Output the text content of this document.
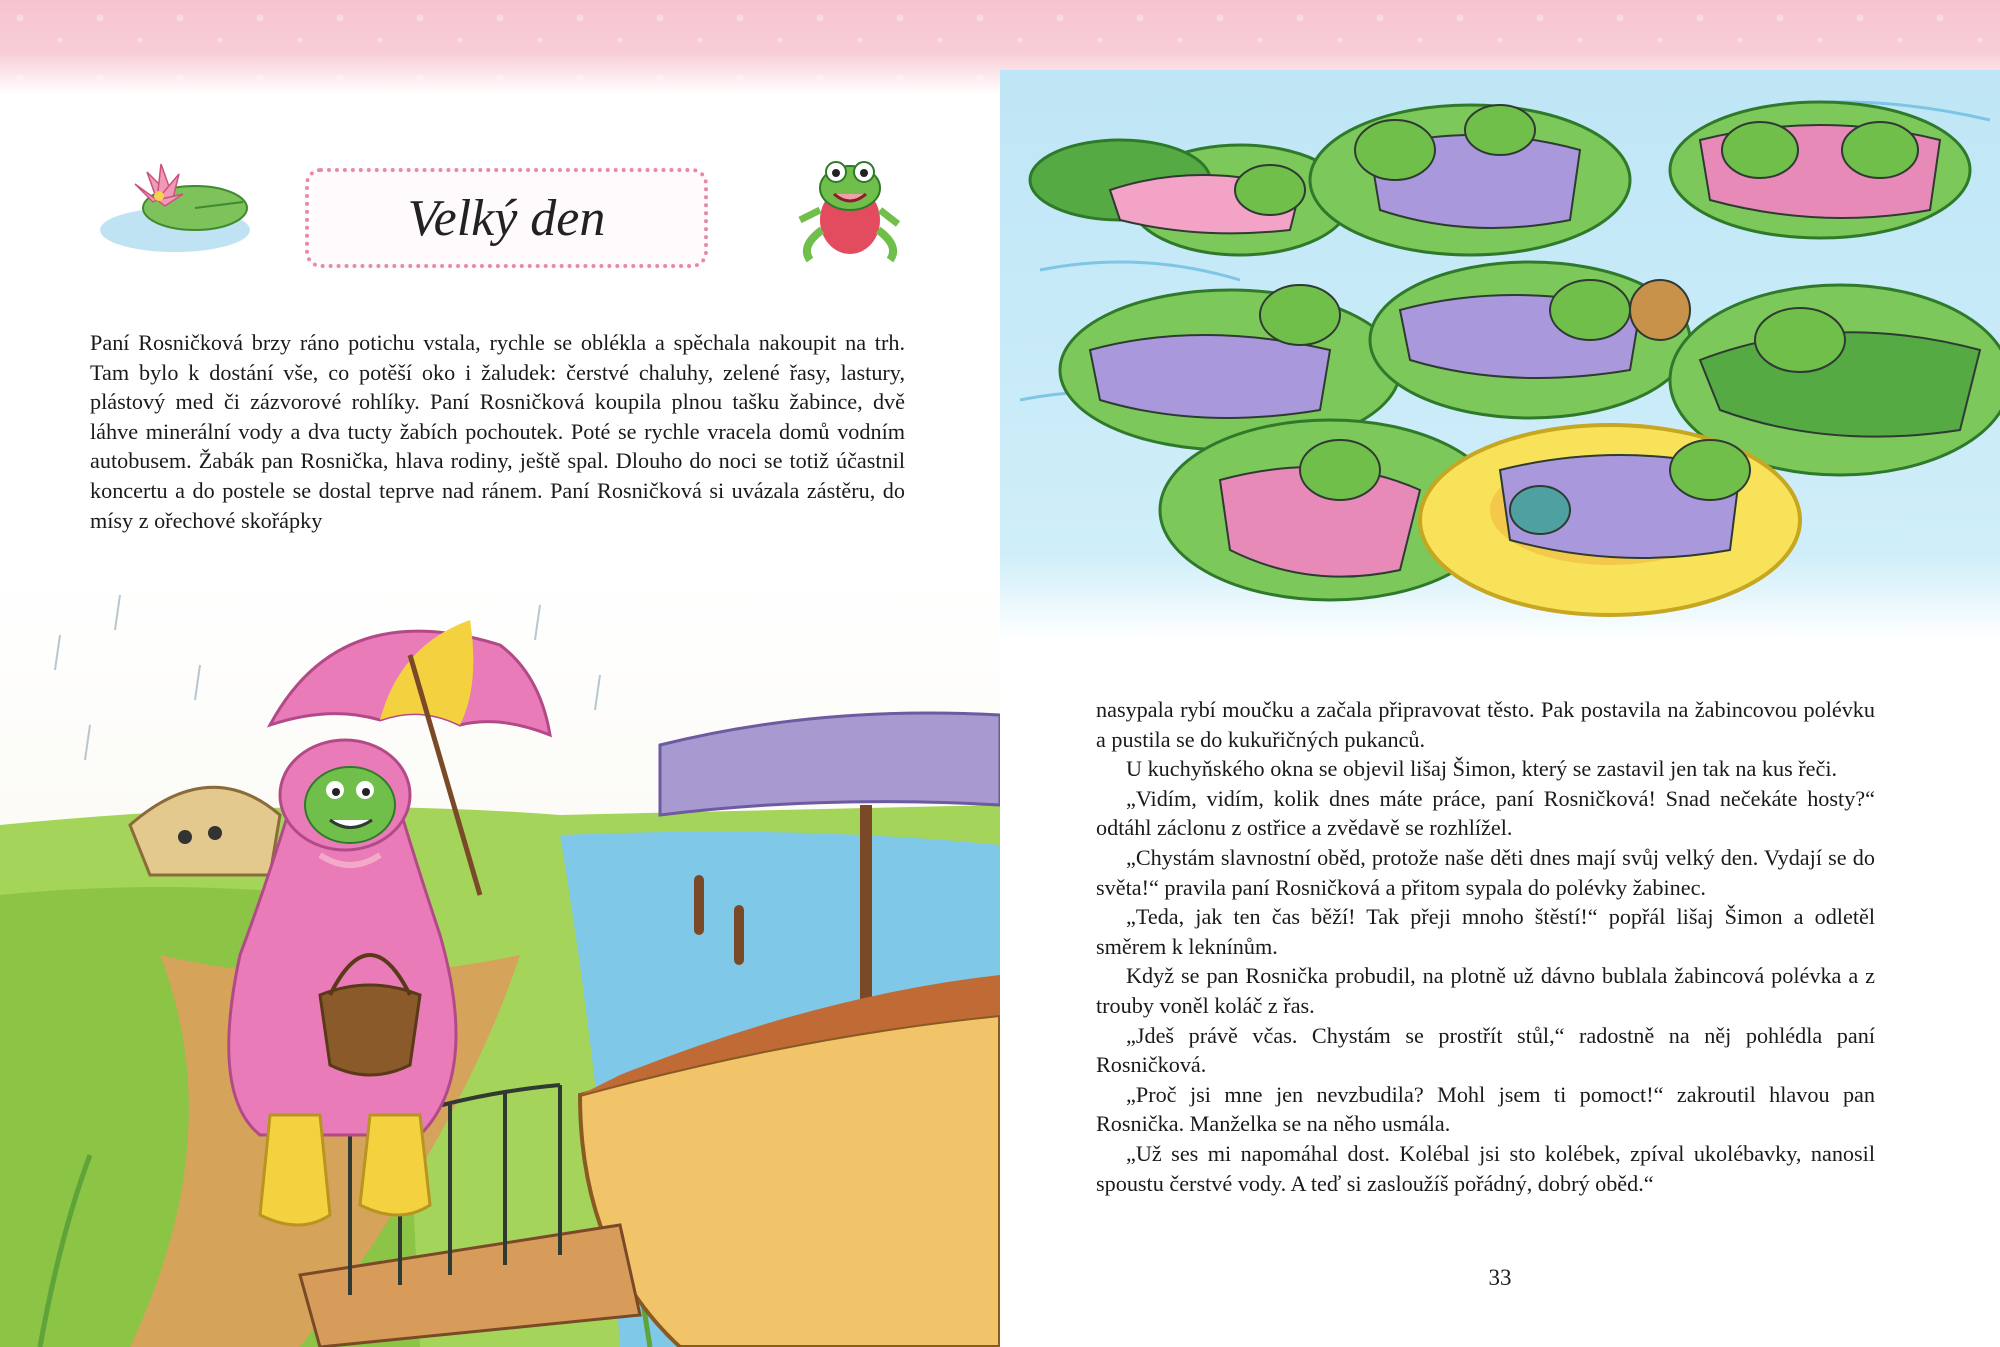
Velký den

Paní Rosničková brzy ráno potichu vstala, rychle se oblékla a spěchala nakoupit na trh. Tam bylo k dostání vše, co potěší oko i žaludek: čerstvé chaluhy, zelené řasy, lastury, plástový med či zázvorové rohlíky. Paní Rosničková koupila plnou tašku žabince, dvě láhve minerální vody a dva tucty žabích pochoutek. Poté se rychle vracela domů vodním autobusem. Žabák pan Rosnička, hlava rodiny, ještě spal. Dlouho do noci se totiž účastnil koncertu a do postele se dostal teprve nad ránem. Paní Rosničková si uvázala zástěru, do mísy z ořechové skořápky

nasypala rybí moučku a začala připravovat těsto. Pak postavila na žabincovou polévku a pustila se do kukuřičných pukanců.

U kuchyňského okna se objevil lišaj Šimon, který se zastavil jen tak na kus řeči.

„Vidím, vidím, kolik dnes máte práce, paní Rosničková! Snad nečekáte hosty?“ odtáhl záclonu z ostřice a zvědavě se rozhlížel.

„Chystám slavnostní oběd, protože naše děti dnes mají svůj velký den. Vydají se do světa!“ pravila paní Rosničková a přitom sypala do polévky žabinec.

„Teda, jak ten čas běží! Tak přeji mnoho štěstí!“ popřál lišaj Šimon a odletěl směrem k leknínům.

Když se pan Rosnička probudil, na plotně už dávno bublala žabincová polévka a z trouby voněl koláč z řas.

„Jdeš právě včas. Chystám se prostřít stůl,“ radostně na něj pohlédla paní Rosničková.

„Proč jsi mne jen nevzbudila? Mohl jsem ti pomoct!“ zakroutil hlavou pan Rosnička. Manželka se na něho usmála.

„Už ses mi napomáhal dost. Kolébal jsi sto kolébek, zpíval ukolébavky, nanosil spoustu čerstvé vody. A teď si zasloužíš pořádný, dobrý oběd.“

33
